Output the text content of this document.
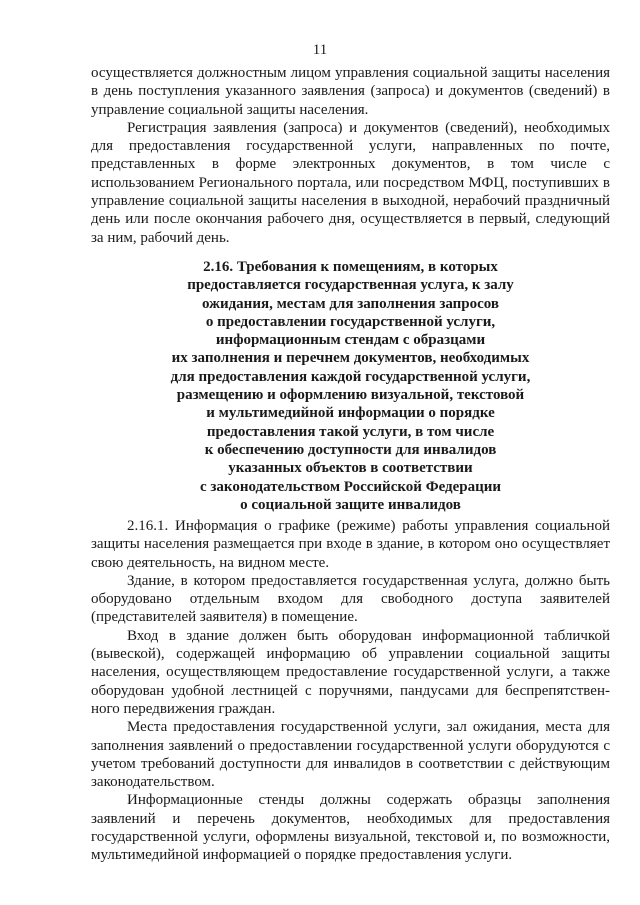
11

осуществляется должностным лицом управления социальной защиты населения в день поступления указанного заявления (запроса) и документов (сведений) в управление социальной защиты населения.

Регистрация заявления (запроса) и документов (сведений), необходимых для предоставления государственной услуги, направленных по почте, представленных в форме электронных документов, в том числе с использованием Регионального портала, или посредством МФЦ, поступивших в управление социальной защиты населения в выходной, нерабочий праздничный день или после окончания рабочего дня, осуществляется в первый, следующий за ним, рабочий день.

2.16. Требования к помещениям, в которых
предоставляется государственная услуга, к залу
ожидания, местам для заполнения запросов
о предоставлении государственной услуги,
информационным стендам с образцами
их заполнения и перечнем документов, необходимых
для предоставления каждой государственной услуги,
размещению и оформлению визуальной, текстовой
и мультимедийной информации о порядке
предоставления такой услуги, в том числе
к обеспечению доступности для инвалидов
указанных объектов в соответствии
с законодательством Российской Федерации
о социальной защите инвалидов

2.16.1. Информация о графике (режиме) работы управления социальной защиты населения размещается при входе в здание, в котором оно осуществляет свою деятельность, на видном месте.

Здание, в котором предоставляется государственная услуга, должно быть оборудовано отдельным входом для свободного доступа заявителей (представителей заявителя) в помещение.

Вход в здание должен быть оборудован информационной табличкой (вывеской), содержащей информацию об управлении социальной защиты населения, осуществляющем предоставление государственной услуги, а также оборудован удобной лестницей с поручнями, пандусами для беспрепятственного передвижения граждан.

Места предоставления государственной услуги, зал ожидания, места для заполнения заявлений о предоставлении государственной услуги оборудуются с учетом требований доступности для инвалидов в соответствии с действующим законодательством.

Информационные стенды должны содержать образцы заполнения заявлений и перечень документов, необходимых для предоставления государственной услуги, оформлены визуальной, текстовой и, по возможности, мультимедийной информацией о порядке предоставления услуги.
